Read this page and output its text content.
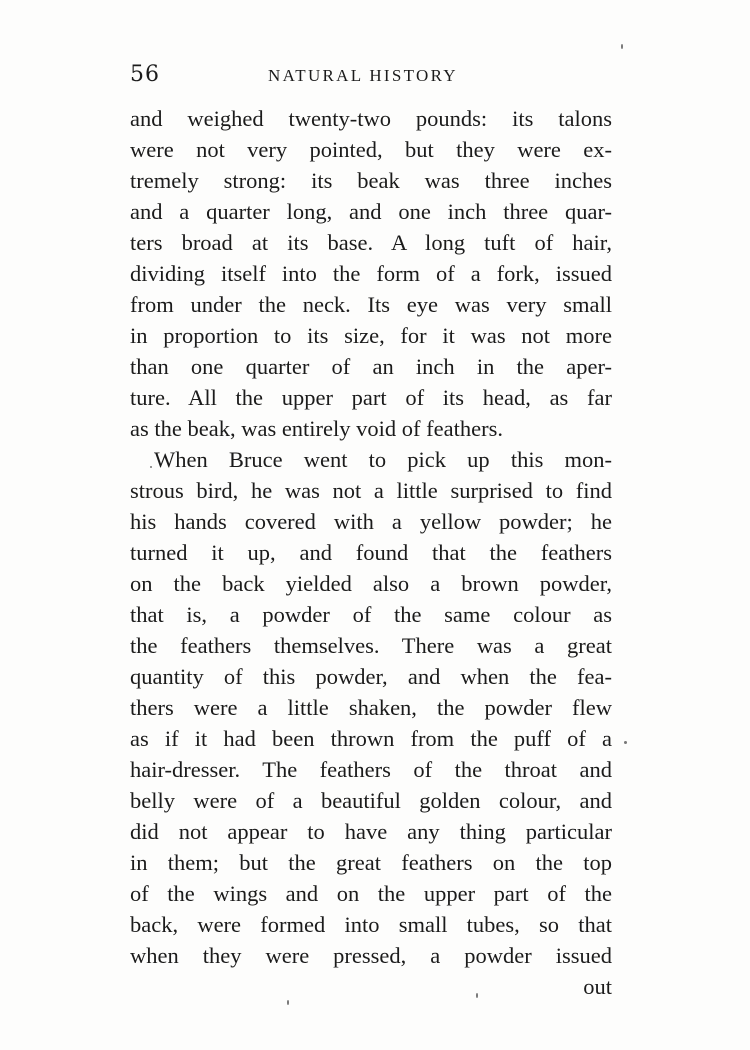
56	NATURAL HISTORY
and weighed twenty-two pounds: its talons
were not very pointed, but they were ex-
tremely strong: its beak was three inches
and a quarter long, and one inch three quar-
ters broad at its base. A long tuft of hair,
dividing itself into the form of a fork, issued
from under the neck. Its eye was very small
in proportion to its size, for it was not more
than one quarter of an inch in the aper-
ture. All the upper part of its head, as far
as the beak, was entirely void of feathers.
When Bruce went to pick up this mon-
strous bird, he was not a little surprised to find
his hands covered with a yellow powder; he
turned it up, and found that the feathers
on the back yielded also a brown powder,
that is, a powder of the same colour as
the feathers themselves. There was a great
quantity of this powder, and when the fea-
thers were a little shaken, the powder flew
as if it had been thrown from the puff of a
hair-dresser. The feathers of the throat and
belly were of a beautiful golden colour, and
did not appear to have any thing particular
in them; but the great feathers on the top
of the wings and on the upper part of the
back, were formed into small tubes, so that
when they were pressed, a powder issued
out
